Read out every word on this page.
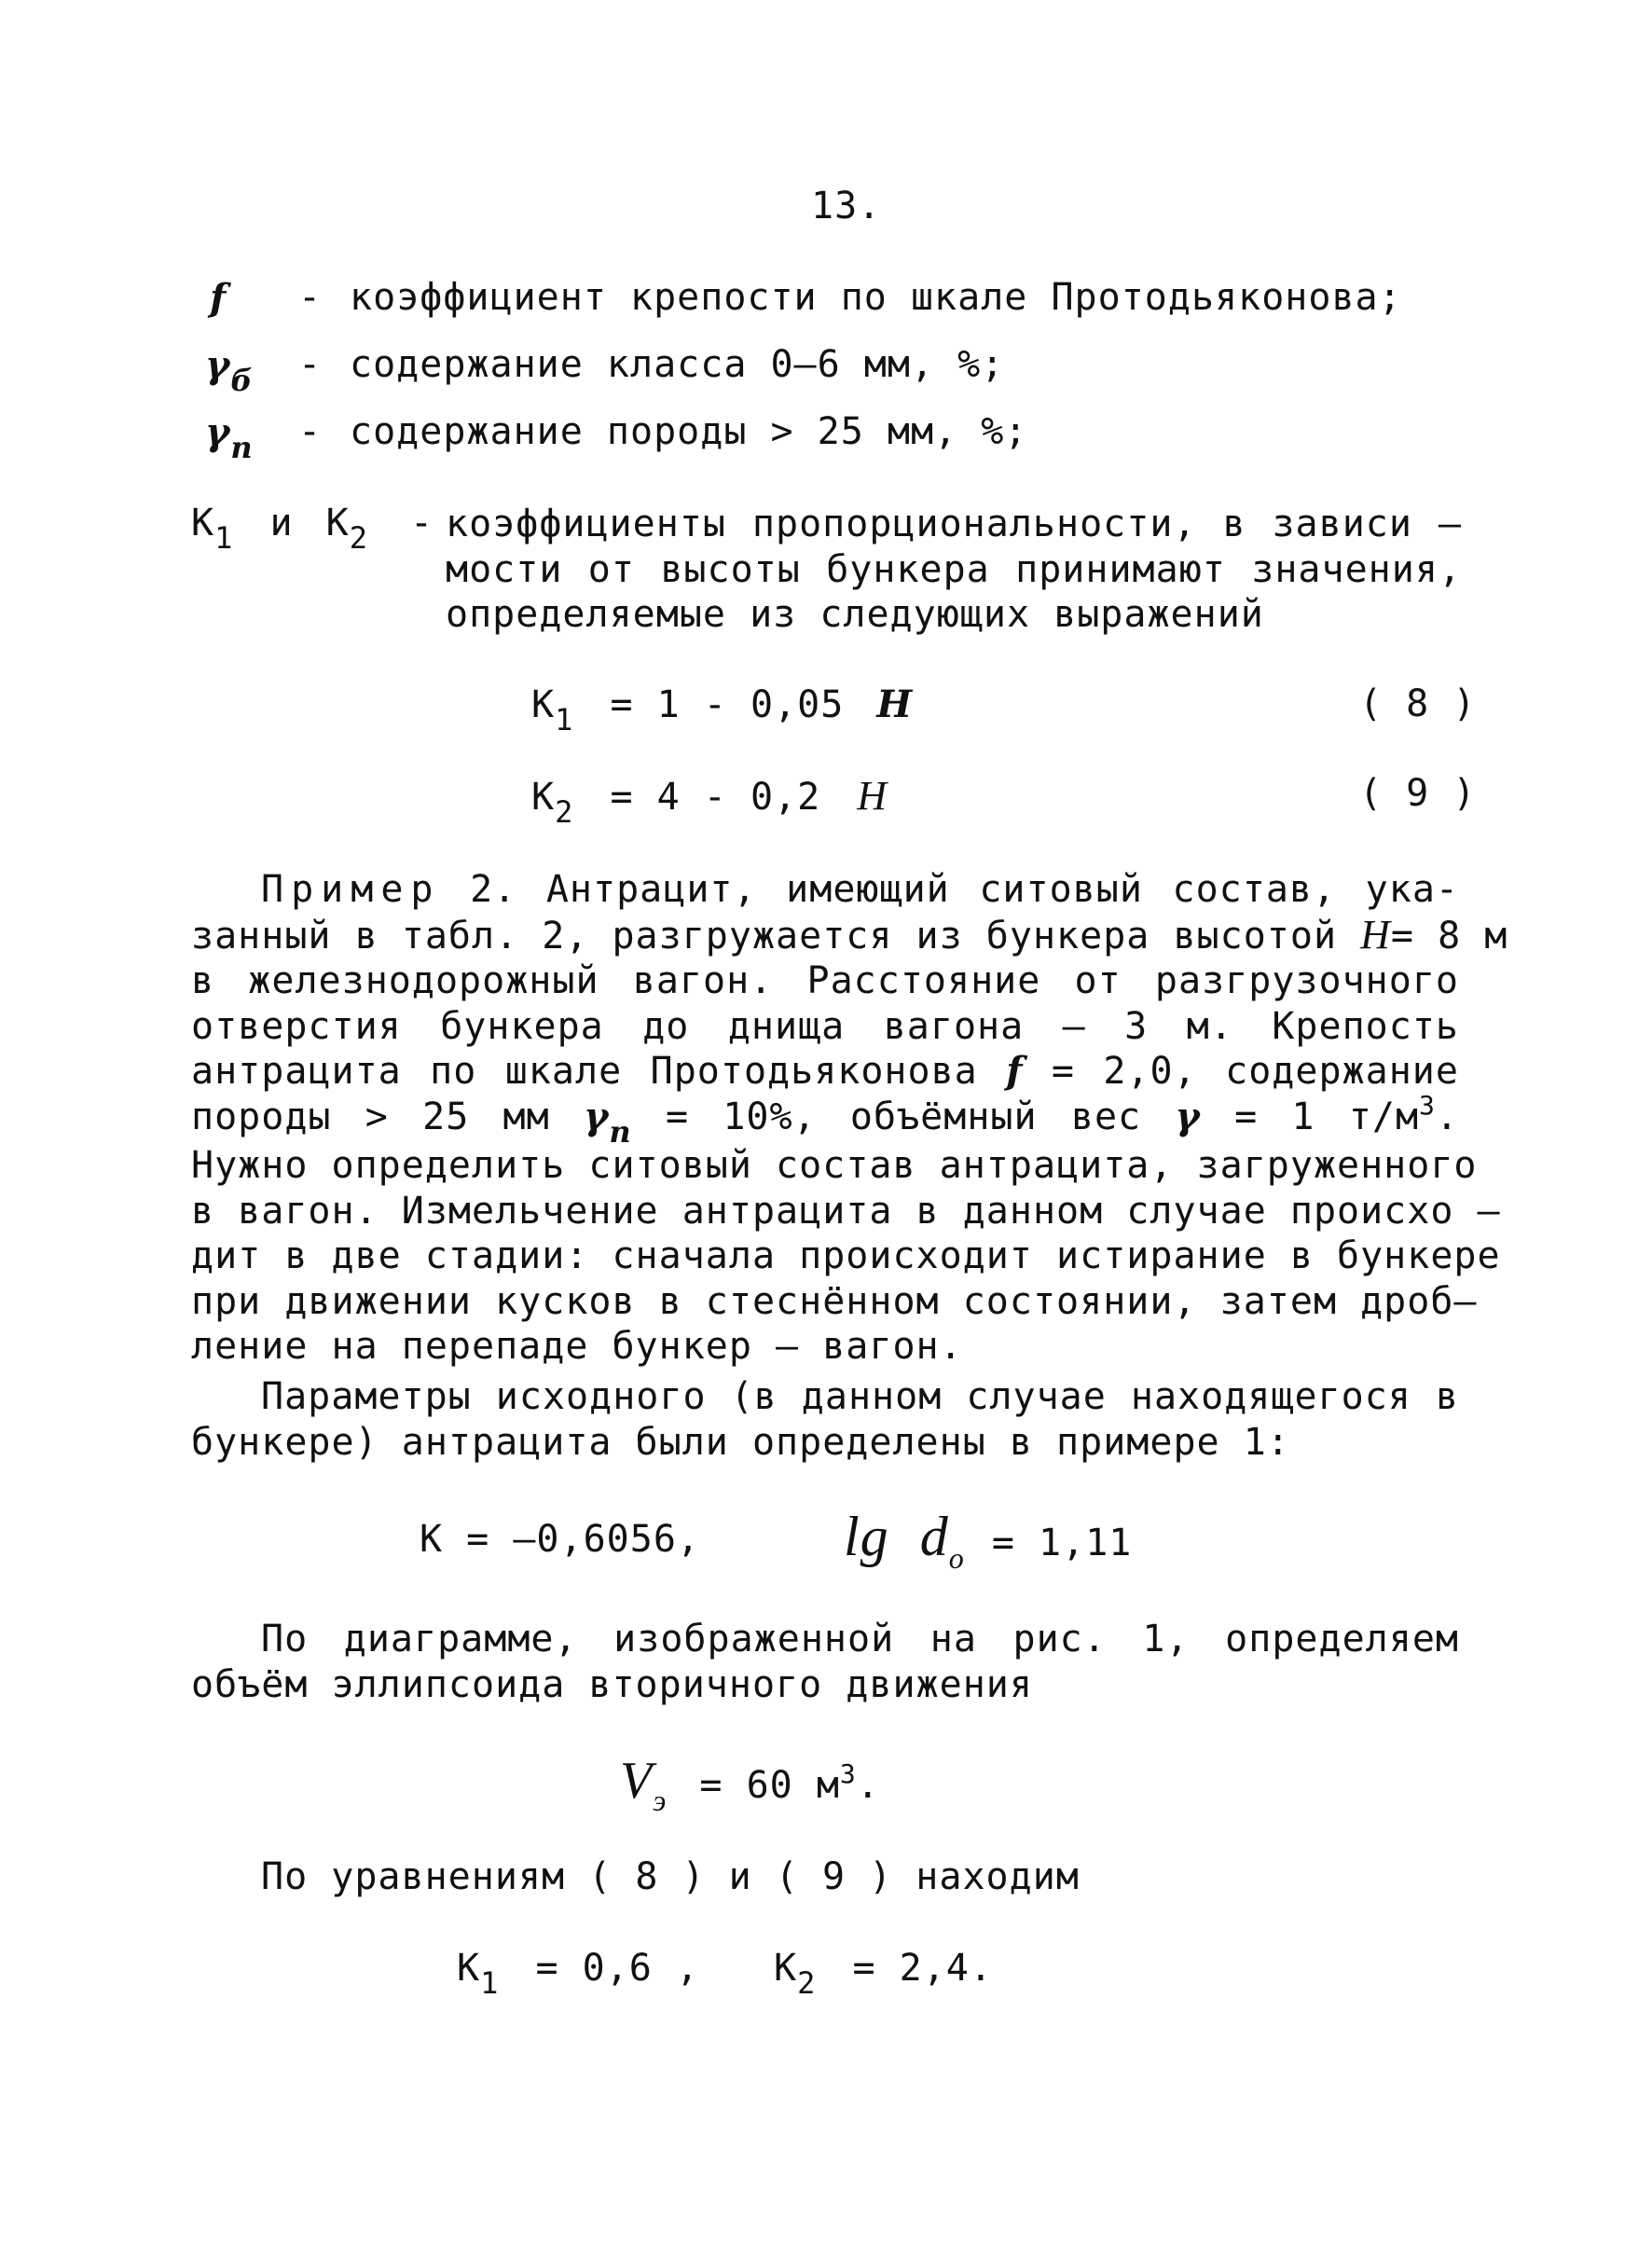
13.
f - коэффициент крепости по шкале Протодьяконова;
$\gamma_б$ - содержание класса 0–6 мм, %;
$\gamma_п$ - содержание породы > 25 мм, %;
$К_1$ и $К_2$ - коэффициенты пропорциональности, в зависи –
мости от высоты бункера принимают значения,
определяемые из следующих выражений
$К_1 = 1 - 0,05$ H	( 8 )
$К_2 = 4 - 0,2$ H	( 9 )
Пример 2. Антрацит, имеющий ситовый состав, ука-
занный в табл. 2, разгружается из бункера высотой H= 8 м
в железнодорожный вагон. Расстояние от разгрузочного
отверстия бункера до днища вагона – 3 м. Крепость
антрацита по шкале Протодьяконова f = 2,0, содержание
породы > 25 мм $\gamma_п = 10\%$, объёмный вес γ = 1 $т/м^3$.
Нужно определить ситовый состав антрацита, загруженного
в вагон. Измельчение антрацита в данном случае происхо –
дит в две стадии: сначала происходит истирание в бункере
при движении кусков в стеснённом состоянии, затем дроб–
ление на перепаде бункер – вагон.
Параметры исходного (в данном случае находящегося в
бункере) антрацита были определены в примере 1:
К = –0,6056,	$\lg d_o = 1,11$
По диаграмме, изображенной на рис. 1, определяем
объём эллипсоида вторичного движения
$V_э = 60$ $м^3$.
По уравнениям ( 8 ) и ( 9 ) находим
$К_1 = 0,6$ , $К_2 = 2,4$.
